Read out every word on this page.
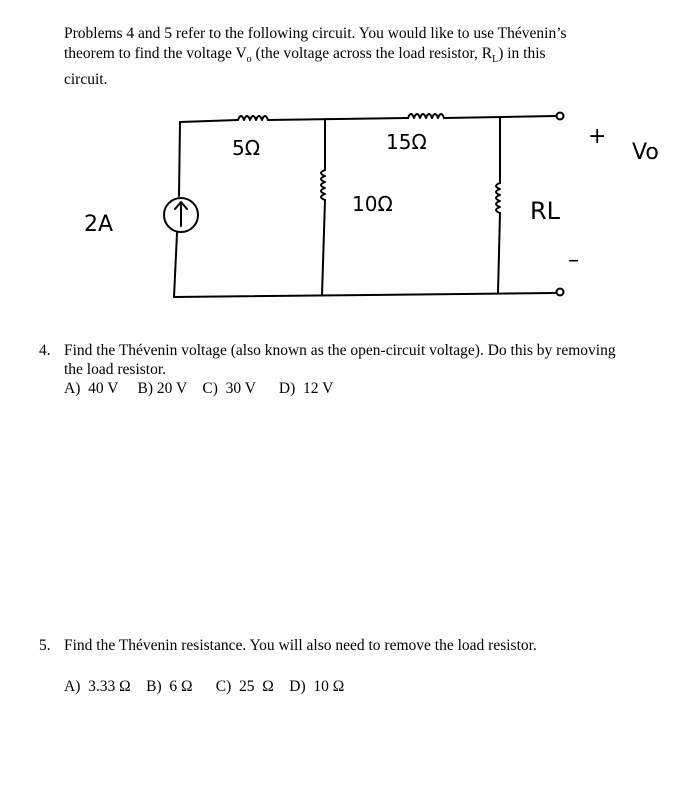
Problems 4 and 5 refer to the following circuit. You would like to use Thévenin’s
theorem to find the voltage $V_o$ (the voltage across the load resistor, $R_L$) in this
circuit.
2A
5Ω	15Ω
10Ω	RL
+
–
Vo
4. Find the Thévenin voltage (also known as the open-circuit voltage). Do this by removing the load resistor.
A)  40 V     B) 20 V    C)  30 V      D)  12 V
5. Find the Thévenin resistance. You will also need to remove the load resistor.
A)  3.33 Ω    B)  6 Ω      C)  25  Ω    D)  10 Ω
